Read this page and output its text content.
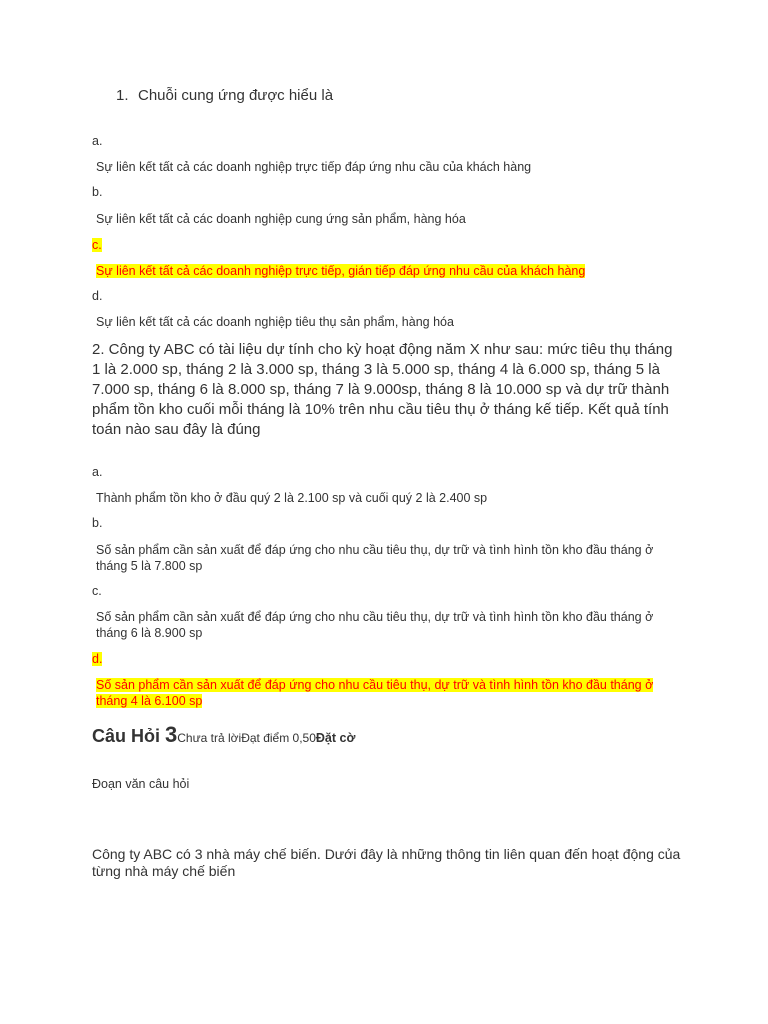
1. Chuỗi cung ứng được hiểu là

a.

Sự liên kết tất cả các doanh nghiệp trực tiếp đáp ứng nhu cầu của khách hàng

b.

Sự liên kết tất cả các doanh nghiệp cung ứng sản phẩm, hàng hóa

c.

Sự liên kết tất cả các doanh nghiệp trực tiếp, gián tiếp đáp ứng nhu cầu của khách hàng

d.

Sự liên kết tất cả các doanh nghiệp tiêu thụ sản phẩm, hàng hóa

2. Công ty ABC có tài liệu dự tính cho kỳ hoạt động năm X như sau: mức tiêu thụ tháng 1 là 2.000 sp, tháng 2 là 3.000 sp, tháng 3 là 5.000 sp, tháng 4 là 6.000 sp, tháng 5 là 7.000 sp, tháng 6 là 8.000 sp, tháng 7 là 9.000sp, tháng 8 là 10.000 sp và dự trữ thành phẩm tồn kho cuối mỗi tháng là 10% trên nhu cầu tiêu thụ ở tháng kế tiếp. Kết quả tính toán nào sau đây là đúng

a.

Thành phẩm tồn kho ở đầu quý 2 là 2.100 sp và cuối quý 2 là 2.400 sp

b.

Số sản phẩm cần sản xuất để đáp ứng cho nhu cầu tiêu thụ, dự trữ và tình hình tồn kho đầu tháng ở tháng 5 là 7.800 sp

c.

Số sản phẩm cần sản xuất để đáp ứng cho nhu cầu tiêu thụ, dự trữ và tình hình tồn kho đầu tháng ở tháng 6 là 8.900 sp

d.

Số sản phẩm cần sản xuất để đáp ứng cho nhu cầu tiêu thụ, dự trữ và tình hình tồn kho đầu tháng ở tháng 4 là 6.100 sp

Câu Hỏi 3Chưa trả lờiĐạt điểm 0,50Đặt cờ

Đoạn văn câu hỏi

Công ty ABC có 3 nhà máy chế biến. Dưới đây là những thông tin liên quan đến hoạt động của từng nhà máy chế biến
